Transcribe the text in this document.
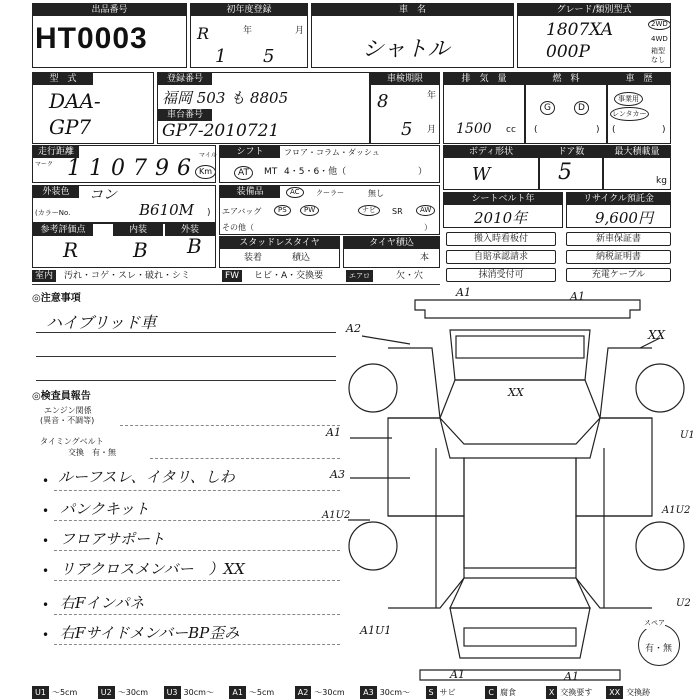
出品番号
HT0003
初年度登録
R	年	月
1 5
車　名
シャトル
グレード/類別型式
1807XA
000P
2WD
4WD
箱型
なし
型　式
DAA-
GP7
登録番号
福岡 503 も 8805
車台番号
GP7-2010721
車検期限
8	年
5 月
排　気　量
1500 cc
燃　料
G	D
(	)
車　歴
事業用
レンタカー
(	)
走行距離
マーク 110796
マイル
Km
シフト	フロア・コラム・ダッシュ
AT	MT 4・5・6・他（	）
ボディ形状
W
ドア数
5
最大積載量
kg
外装色	コン
(カラーNo.	B610M )
装備品	AC	クーラー	無し
エアバッグ	PS	PW	ナビ	SR	AW
その他（	）
シートベルト年
2010年
リサイクル預託金
9,600円
参考評価点
R
内装
B
外装
B	スタッドレスタイヤ
装着	積込
タイヤ積込
本
搬入時看板付	新車保証書
自賠承認請求	納税証明書
抹消受付可	充電ケーブル
室内	汚れ・コゲ・スレ・破れ・シミ	FW	ヒビ・A・交換要	エアロ	欠・穴
◎注意事項
ハイブリッド車
◎検査員報告
エンジン関係
(異音・不調等)
タイミングベルト
交換　有・無
• ルーフスレ、イタリ、しわ
• パンクキット
• フロアサポート
• リアクロスメンバー　）XX
• 右Fインパネ
• 右FサイドメンバーBP歪み
A1	A1
A2	XX
XX
A1
A3
A1U2	A1U2
U2
A1U1
A1	A1
U1
スペア
有・無
U1 ～5cm	U2 ～30cm	U3 30cm～	A1 ～5cm	A2 ～30cm	A3 30cm～	S サビ	C 腐食	X 交換要す	XX 交換跡
